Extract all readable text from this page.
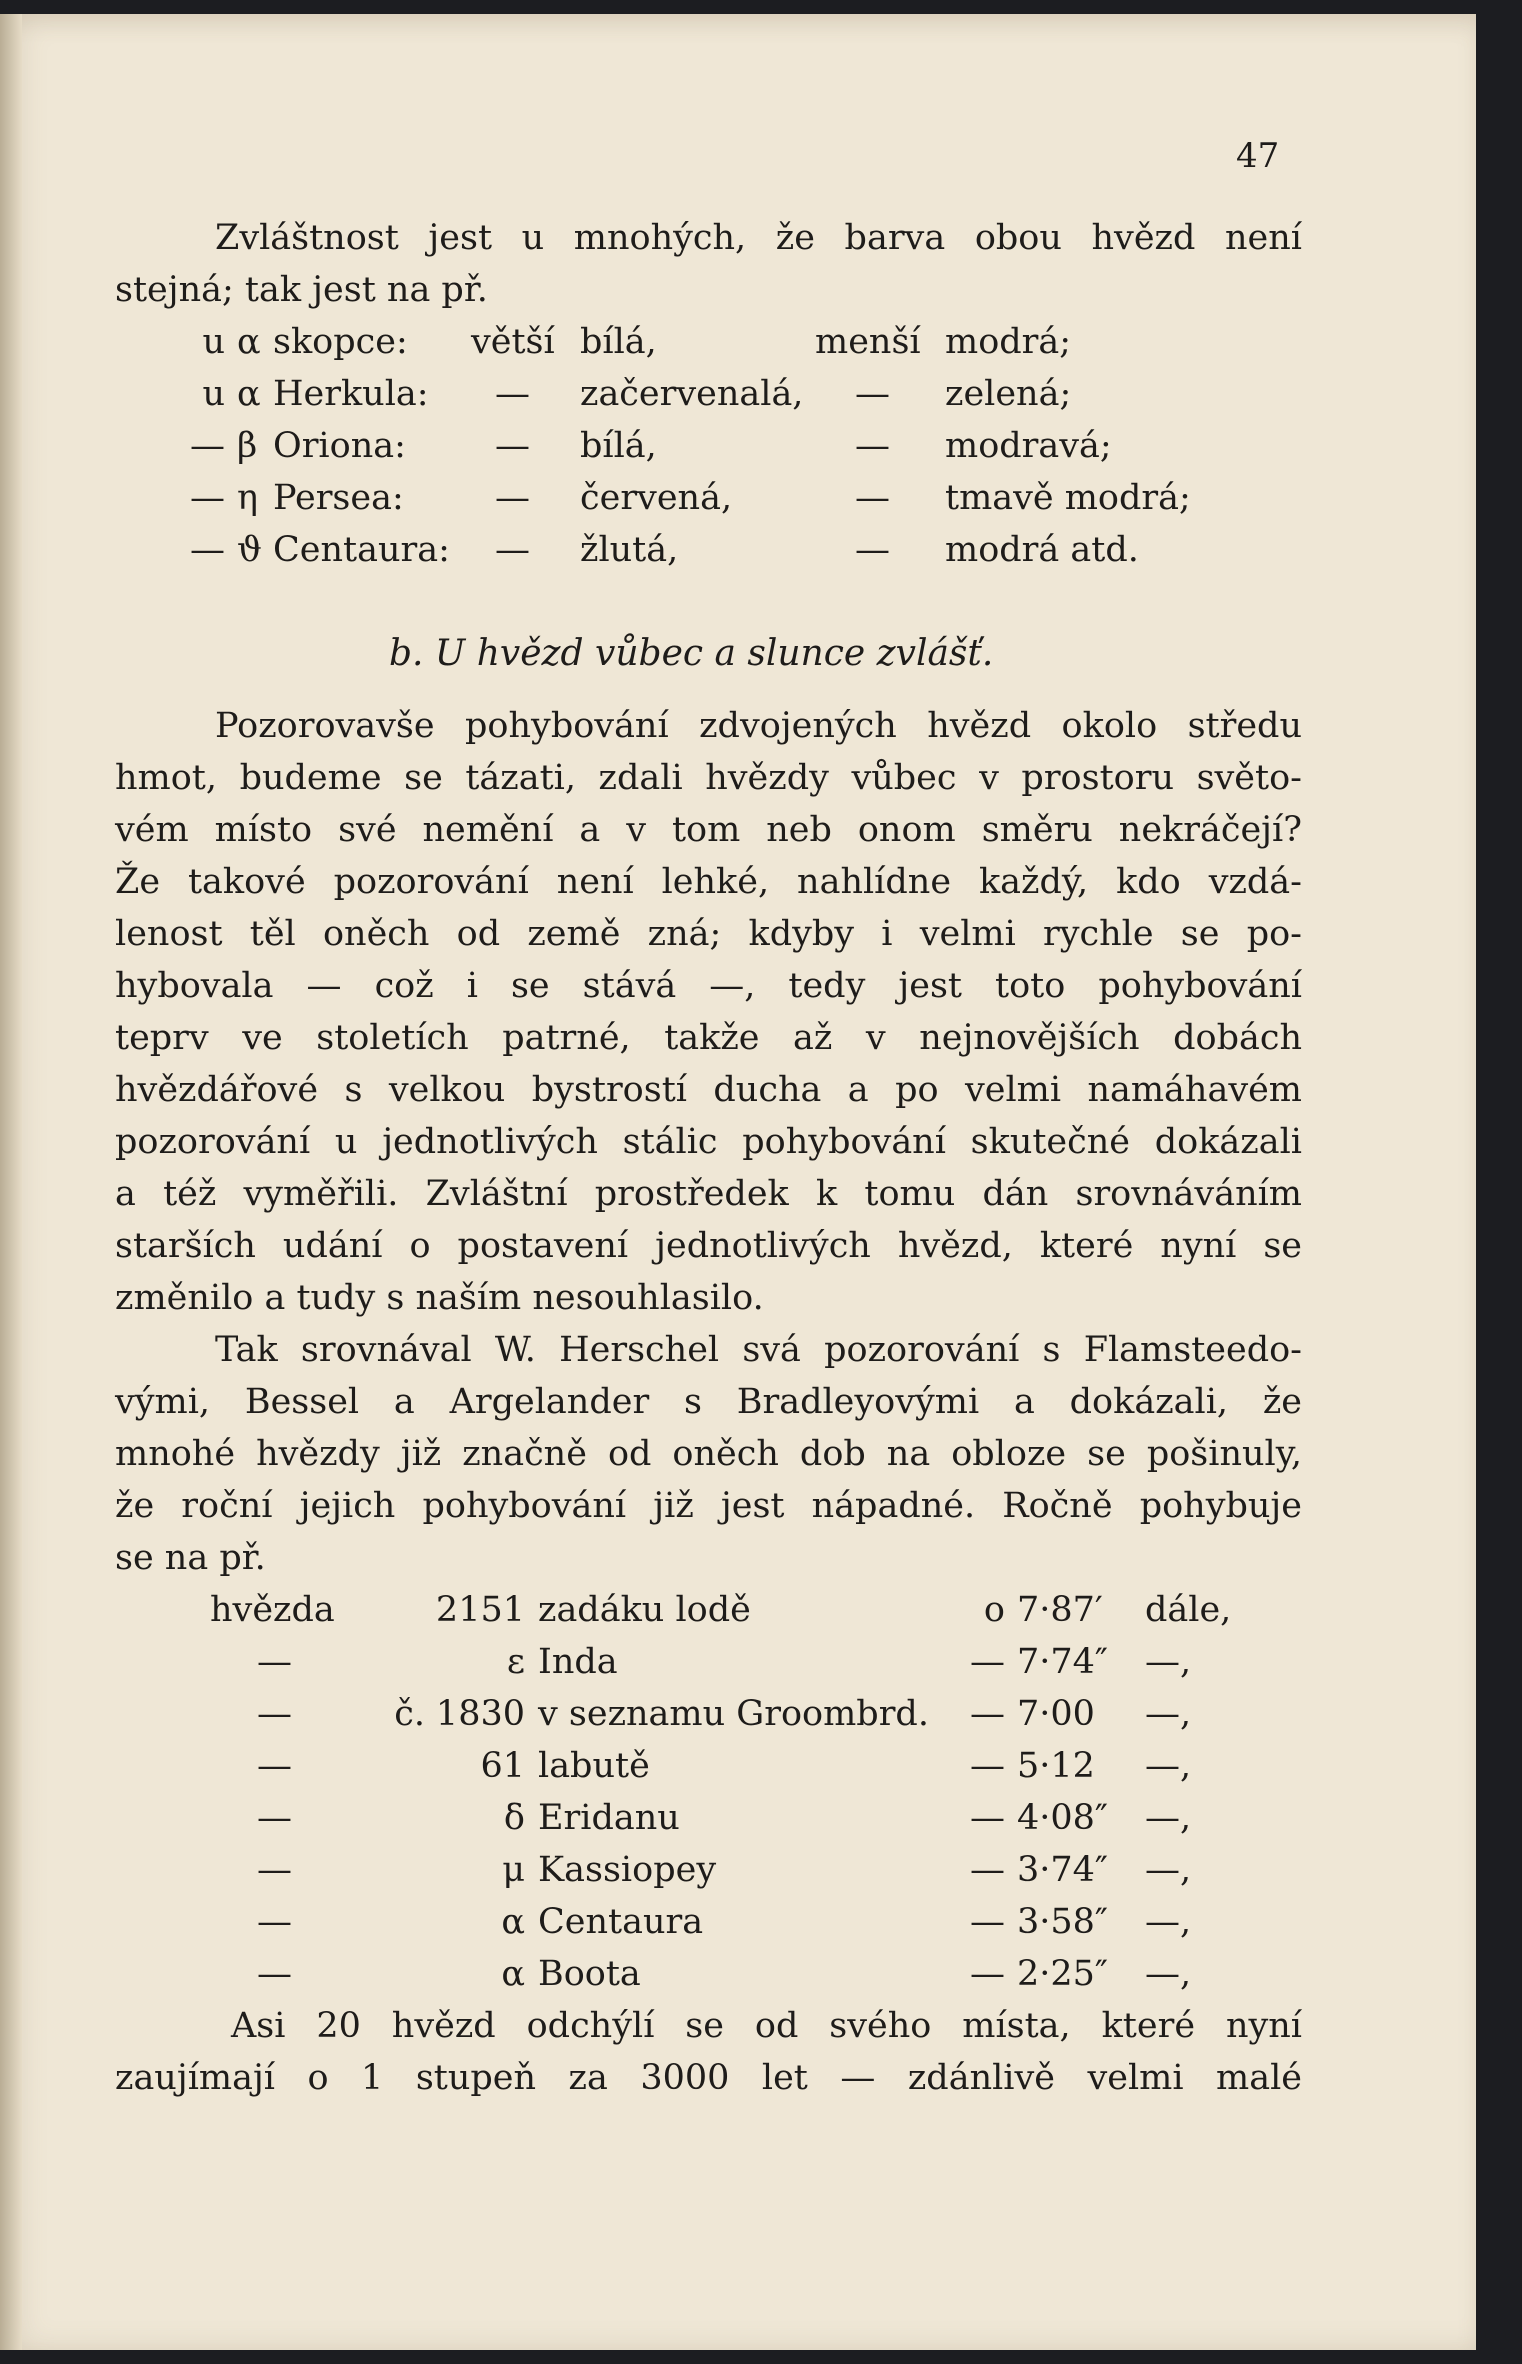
47
Zvláštnost jest u mnohých, že barva obou hvězd není
stejná; tak jest na př.
u α skopce: větší bílá,	menší modrá;
u α Herkula: — začervenalá, — zelená;
— β Oriona:	— bílá,	— modravá;
— η Persea:	— červená,	— tmavě modrá;
— ϑ Centaura: — žlutá,	— modrá atd.
b. U hvězd vůbec a slunce zvlášť.
Pozorovavše pohybování zdvojených hvězd okolo středu
hmot, budeme se tázati, zdali hvězdy vůbec v prostoru světo-
vém místo své nemění a v tom neb onom směru nekráčejí?
Že takové pozorování není lehké, nahlídne každý, kdo vzdá-
lenost těl oněch od země zná; kdyby i velmi rychle se po-
hybovala — což i se stává —, tedy jest toto pohybování
teprv ve stoletích patrné, takže až v nejnovějších dobách
hvězdářové s velkou bystrostí ducha a po velmi namáhavém
pozorování u jednotlivých stálic pohybování skutečné dokázali
a též vyměřili. Zvláštní prostředek k tomu dán srovnáváním
starších udání o postavení jednotlivých hvězd, které nyní se
změnilo a tudy s naším nesouhlasilo.
Tak srovnával W. Herschel svá pozorování s Flamsteedo-
vými, Bessel a Argelander s Bradleyovými a dokázali, že
mnohé hvězdy již značně od oněch dob na obloze se pošinuly,
že roční jejich pohybování již jest nápadné. Ročně pohybuje
se na př.
hvězda	2151 zadáku lodě	o 7·87′ dále,
—	ε Inda	— 7·74″ —,
—	č. 1830 v seznamu Groombrd.	— 7·00 —,
—	61 labutě	— 5·12 —,
—	δ Eridanu	— 4·08″ —,
—	μ Kassiopey	— 3·74″ —,
—	α Centaura	— 3·58″ —,
—	α Boota	— 2·25″ —,
Asi 20 hvězd odchýlí se od svého místa, které nyní
zaujímají o 1 stupeň za 3000 let — zdánlivě velmi malé
